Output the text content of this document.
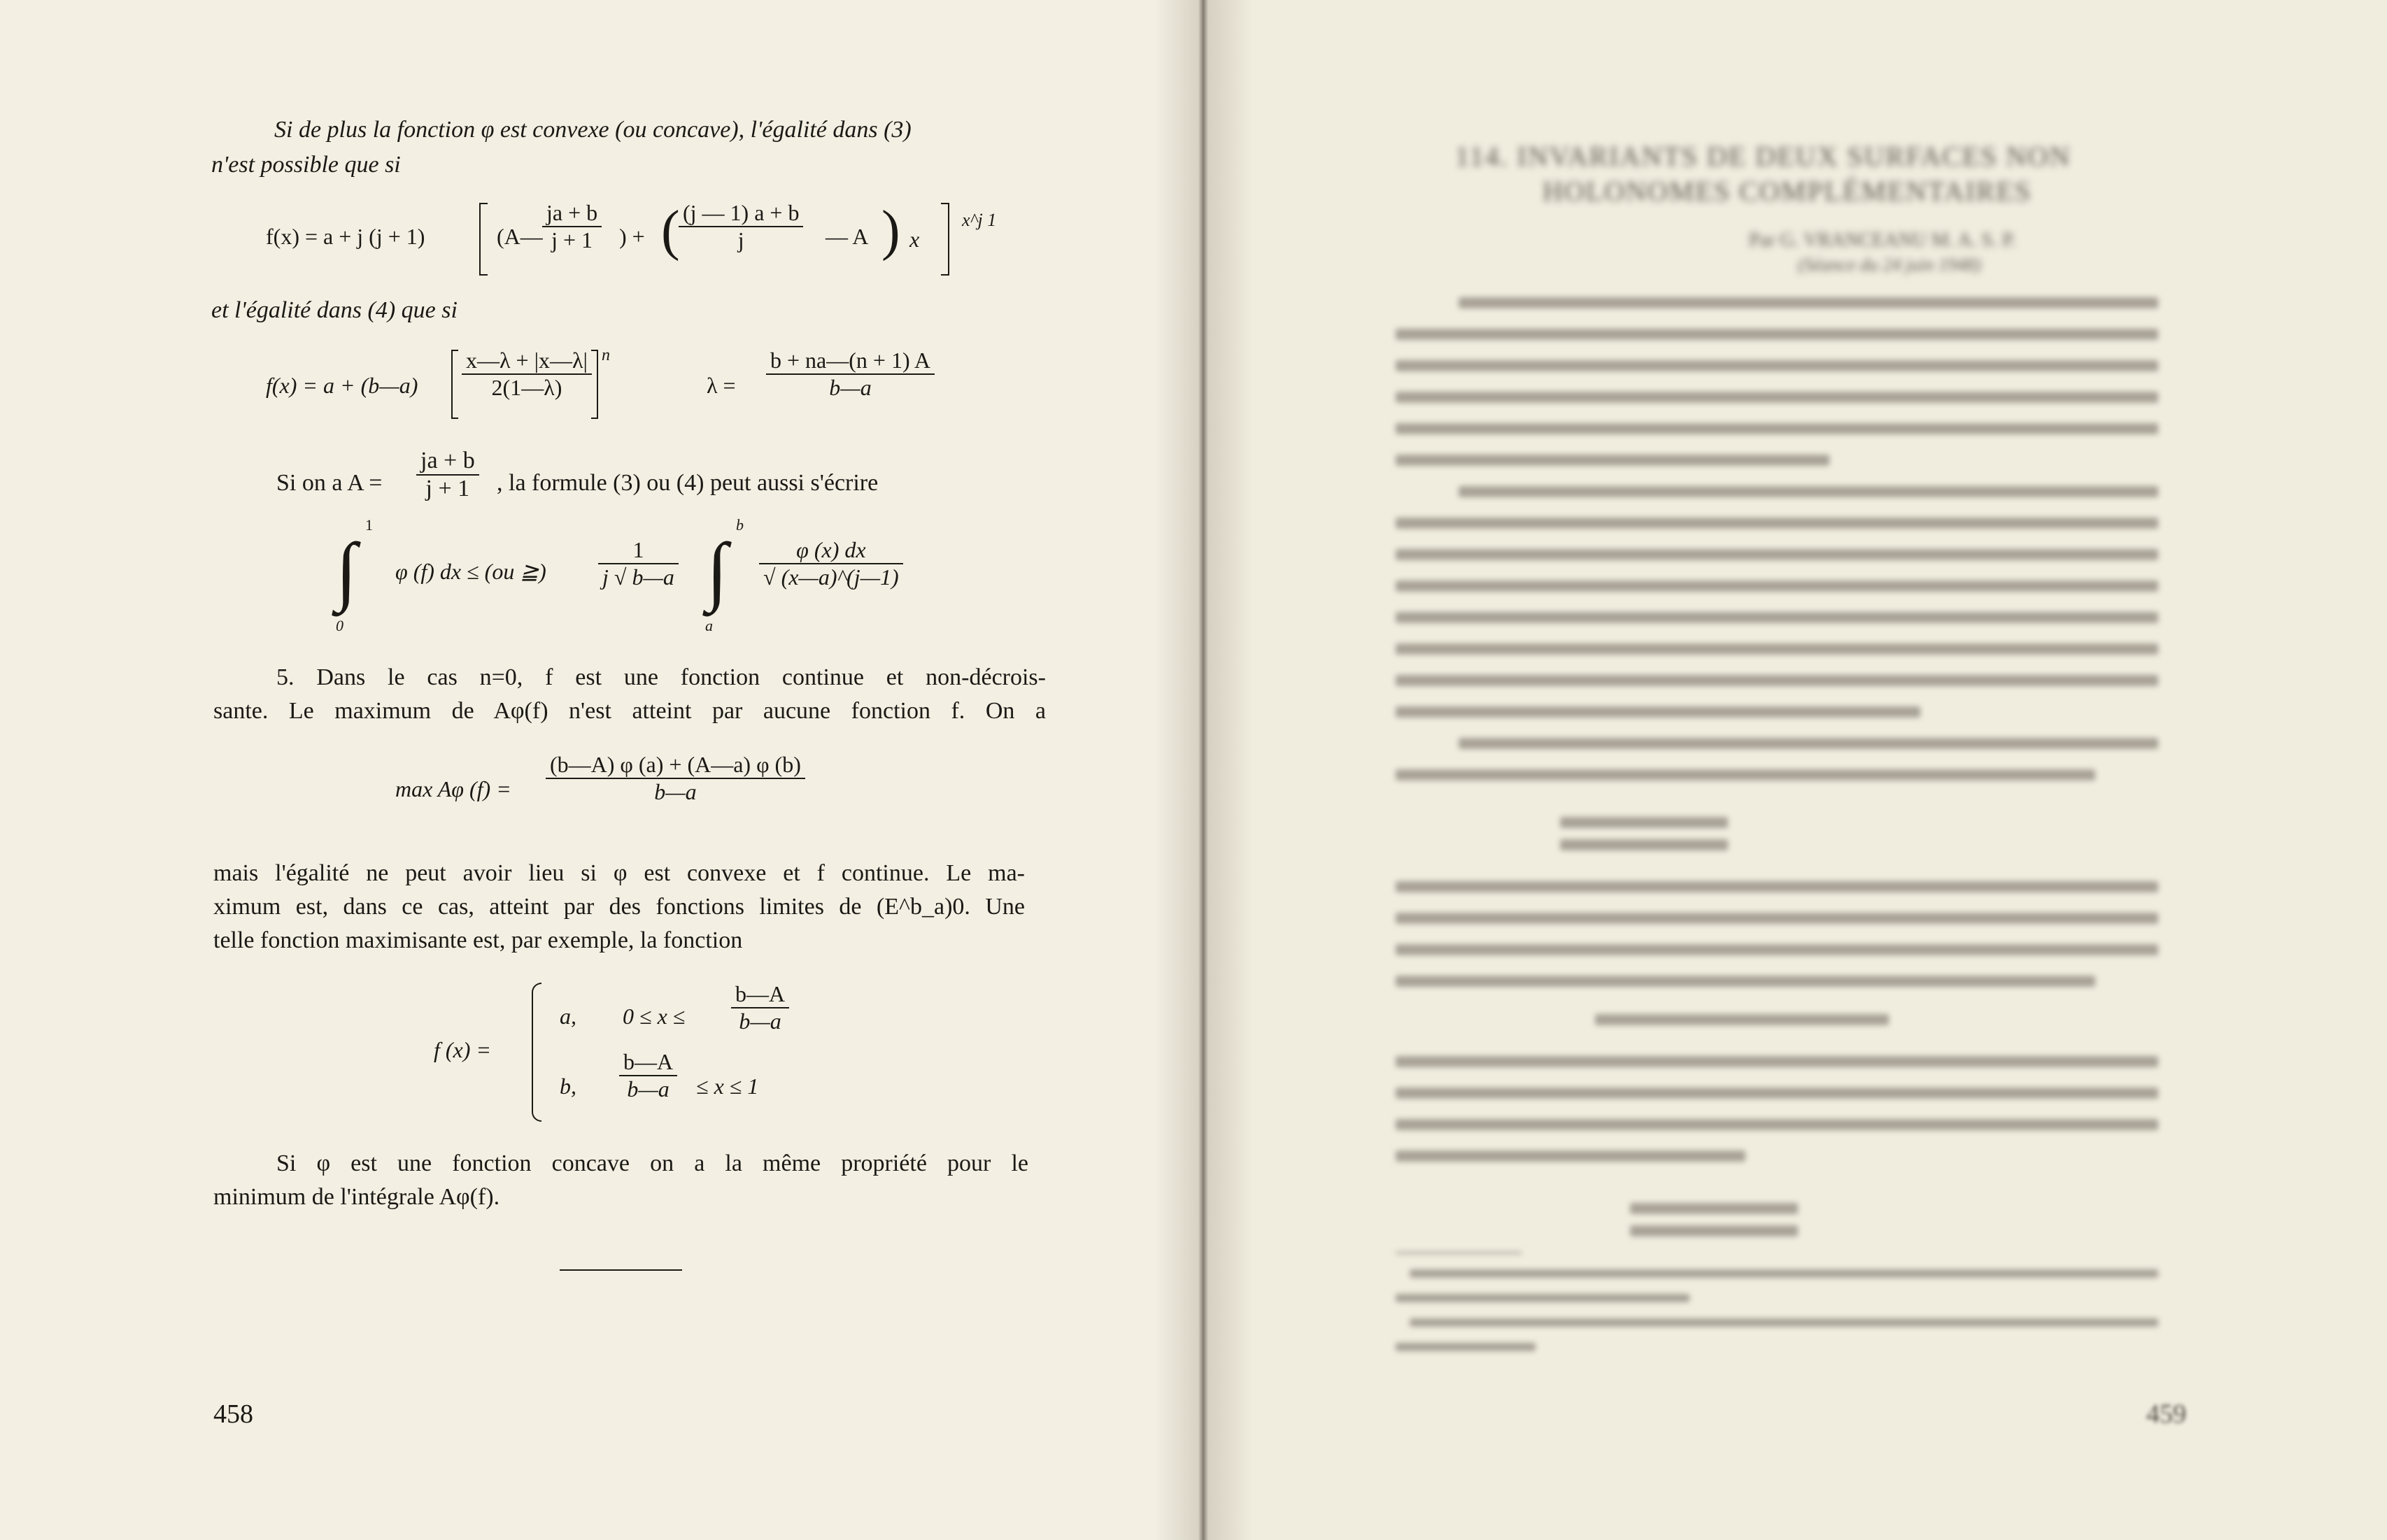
Si de plus la fonction φ est convexe (ou concave), l'égalité dans (3)
n'est possible que si
f(x) = a + j (j + 1)	(A— $\frac{ja + b}{j + 1}$ ) + (
$\frac{(j — 1) a + b}{j}$ — A ) x
x^j 1
et l'égalité dans (4) que si
f(x) = a + (b—a) $\frac{x—\lambda + |x—\lambda|}{2(1—\lambda)}$ n
$\lambda = \frac{b + na—(n + 1) A}{b—a}$
Si on a $A = \frac{ja + b}{j + 1}$ , la formule (3) ou (4) peut aussi s'écrire
∫
1
0
φ (f) dx ≤ (ou ≧) $\frac{1}{j √ b—a}$ ∫
b
a
$\frac{\varphi (x) dx}{√ (x—a)\^{}(j—1)}$
5. Dans le cas n=0, f est une fonction continue et non-décrois-
sante. Le maximum de Aφ(f) n'est atteint par aucune fonction f. On a
max Aφ $(f) = \frac{(b—A) \varphi (a) + (A—a) \varphi (b)}{b—a}$
mais l'égalité ne peut avoir lieu si φ est convexe et f continue. Le ma-
ximum est, dans ce cas, atteint par des fonctions limites de (E^b_a)0. Une
telle fonction maximisante est, par exemple, la fonction
f (x) =
a, $0 \le x \le \frac{b—A}{b—a}$
b, $\frac{b—A}{b—a} \le x \le 1$
Si φ est une fonction concave on a la même propriété pour le
minimum de l'intégrale Aφ(f).
458
114. INVARIANTS DE DEUX SURFACES NON
HOLONOMES COMPLÉMENTAIRES
Par G. VRANCEANU M. A. S. P.
(Séance du 24 juin 1948)
459
